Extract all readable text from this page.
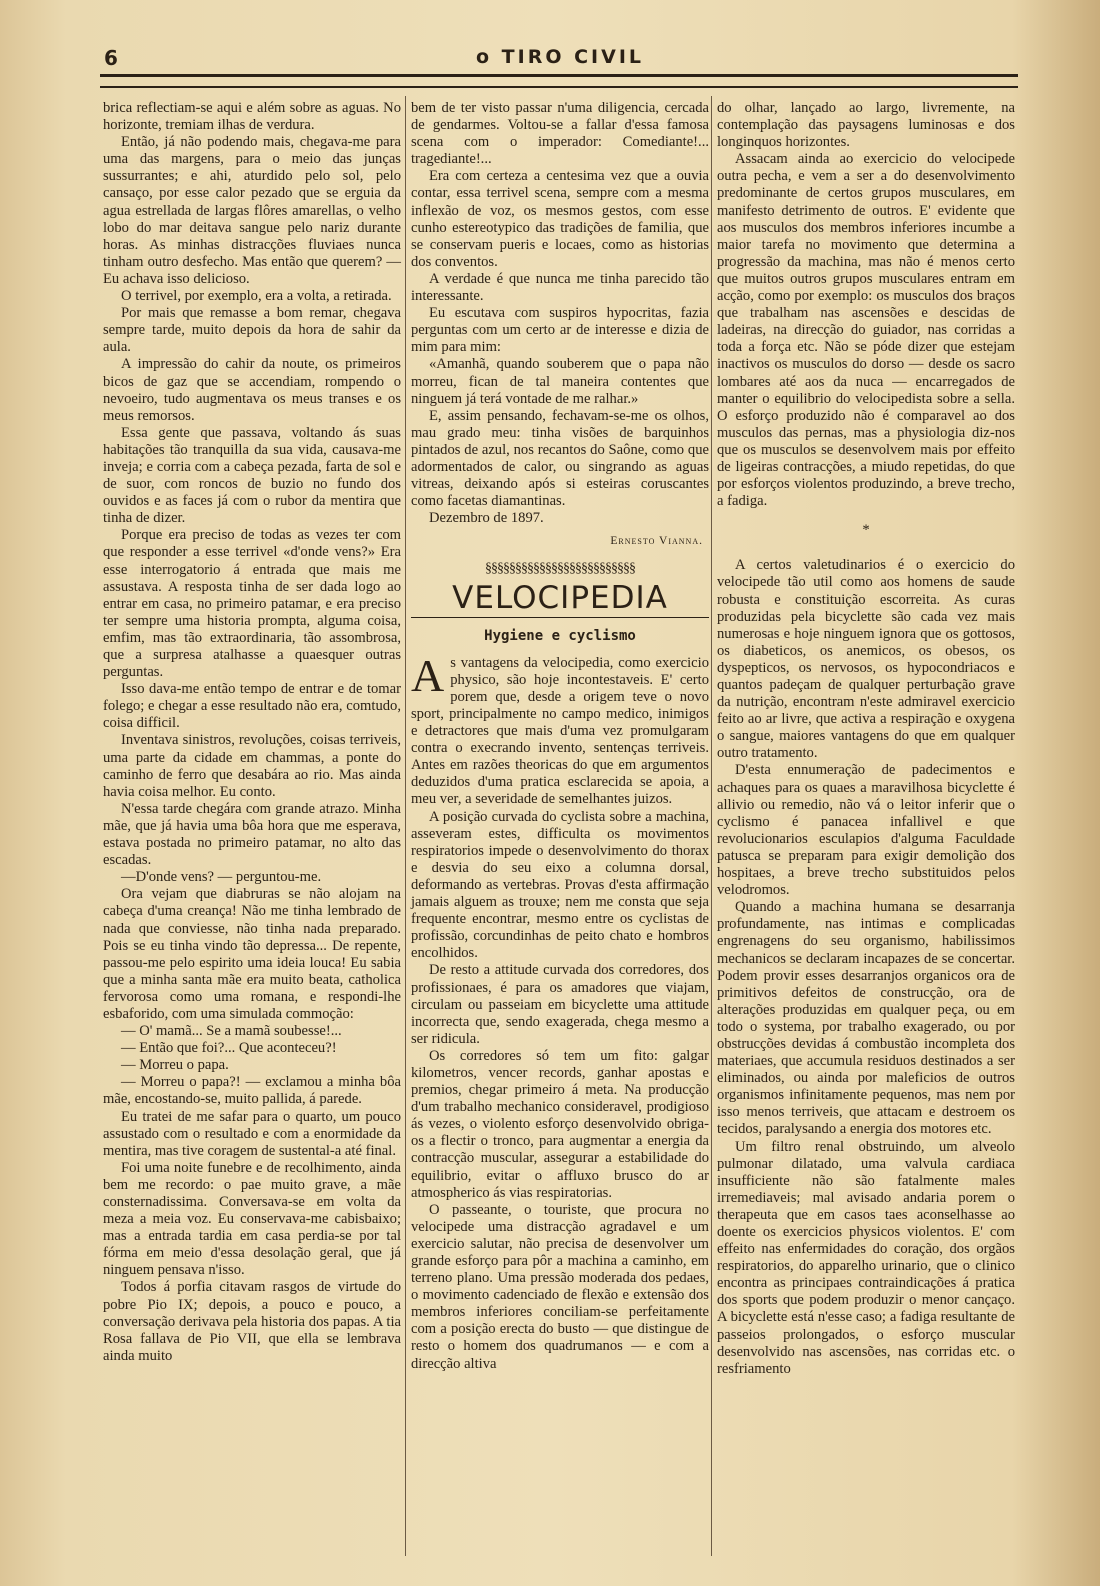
6	o TIRO CIVIL

brica reflectiam-se aqui e além sobre as aguas. No horizonte, tremiam ilhas de verdura.

Então, já não podendo mais, chegava-me para uma das margens, para o meio das junças sussurrantes; e ahi, aturdido pelo sol, pelo cansaço, por esse calor pezado que se erguia da agua estrellada de largas flôres amarellas, o velho lobo do mar deitava sangue pelo nariz durante horas. As minhas distracções fluviaes nunca tinham outro desfecho. Mas então que querem? — Eu achava isso delicioso.

O terrivel, por exemplo, era a volta, a retirada.

Por mais que remasse a bom remar, chegava sempre tarde, muito depois da hora de sahir da aula.

A impressão do cahir da noute, os primeiros bicos de gaz que se accendiam, rompendo o nevoeiro, tudo augmentava os meus transes e os meus remorsos.

Essa gente que passava, voltando ás suas habitações tão tranquilla da sua vida, causava-me inveja; e corria com a cabeça pezada, farta de sol e de suor, com roncos de buzio no fundo dos ouvidos e as faces já com o rubor da mentira que tinha de dizer.

Porque era preciso de todas as vezes ter com que responder a esse terrivel «d'onde vens?» Era esse interrogatorio á entrada que mais me assustava. A resposta tinha de ser dada logo ao entrar em casa, no primeiro patamar, e era preciso ter sempre uma historia prompta, alguma coisa, emfim, mas tão extraordinaria, tão assombrosa, que a surpresa atalhasse a quaesquer outras perguntas.

Isso dava-me então tempo de entrar e de tomar folego; e chegar a esse resultado não era, comtudo, coisa difficil.

Inventava sinistros, revoluções, coisas terriveis, uma parte da cidade em chammas, a ponte do caminho de ferro que desabára ao rio. Mas ainda havia coisa melhor. Eu conto.

N'essa tarde chegára com grande atrazo. Minha mãe, que já havia uma bôa hora que me esperava, estava postada no primeiro patamar, no alto das escadas.

—D'onde vens? — perguntou-me.

Ora vejam que diabruras se não alojam na cabeça d'uma creança! Não me tinha lembrado de nada que conviesse, não tinha nada preparado. Pois se eu tinha vindo tão depressa... De repente, passou-me pelo espirito uma ideia louca! Eu sabia que a minha santa mãe era muito beata, catholica fervorosa como uma romana, e respondi-lhe esbaforido, com uma simulada commoção:

— O' mamã... Se a mamã soubesse!...

— Então que foi?... Que aconteceu?!

— Morreu o papa.

— Morreu o papa?! — exclamou a minha bôa mãe, encostando-se, muito pallida, á parede.

Eu tratei de me safar para o quarto, um pouco assustado com o resultado e com a enormidade da mentira, mas tive coragem de sustental-a até final.

Foi uma noite funebre e de recolhimento, ainda bem me recordo: o pae muito grave, a mãe consternadissima. Conversava-se em volta da meza a meia voz. Eu conservava-me cabisbaixo; mas a entrada tardia em casa perdia-se por tal fórma em meio d'essa desolação geral, que já ninguem pensava n'isso.

Todos á porfia citavam rasgos de virtude do pobre Pio IX; depois, a pouco e pouco, a conversação derivava pela historia dos papas. A tia Rosa fallava de Pio VII, que ella se lembrava ainda muito

bem de ter visto passar n'uma diligencia, cercada de gendarmes. Voltou-se a fallar d'essa famosa scena com o imperador: Comediante!... tragediante!...

Era com certeza a centesima vez que a ouvia contar, essa terrivel scena, sempre com a mesma inflexão de voz, os mesmos gestos, com esse cunho estereotypico das tradições de familia, que se conservam pueris e locaes, como as historias dos conventos.

A verdade é que nunca me tinha parecido tão interessante.

Eu escutava com suspiros hypocritas, fazia perguntas com um certo ar de interesse e dizia de mim para mim:

«Amanhã, quando souberem que o papa não morreu, fican de tal maneira contentes que ninguem já terá vontade de me ralhar.»

E, assim pensando, fechavam-se-me os olhos, mau grado meu: tinha visões de barquinhos pintados de azul, nos recantos do Saône, como que adormentados de calor, ou singrando as aguas vitreas, deixando após si esteiras coruscantes como facetas diamantinas.

Dezembro de 1897.

Ernesto Vianna.
§§§§§§§§§§§§§§§§§§§§§§§§§
VELOCIPEDIA
Hygiene e cyclismo

As vantagens da velocipedia, como exercicio physico, são hoje incontestaveis. E' certo porem que, desde a origem teve o novo sport, principalmente no campo medico, inimigos e detractores que mais d'uma vez promulgaram contra o execrando invento, sentenças terriveis. Antes em razões theoricas do que em argumentos deduzidos d'uma pratica esclarecida se apoia, a meu ver, a severidade de semelhantes juizos.

A posição curvada do cyclista sobre a machina, asseveram estes, difficulta os movimentos respiratorios impede o desenvolvimento do thorax e desvia do seu eixo a columna dorsal, deformando as vertebras. Provas d'esta affirmação jamais alguem as trouxe; nem me consta que seja frequente encontrar, mesmo entre os cyclistas de profissão, corcundinhas de peito chato e hombros encolhidos.

De resto a attitude curvada dos corredores, dos profissionaes, é para os amadores que viajam, circulam ou passeiam em bicyclette uma attitude incorrecta que, sendo exagerada, chega mesmo a ser ridicula.

Os corredores só tem um fito: galgar kilometros, vencer records, ganhar apostas e premios, chegar primeiro á meta. Na producção d'um trabalho mechanico consideravel, prodigioso ás vezes, o violento esforço desenvolvido obriga-os a flectir o tronco, para augmentar a energia da contracção muscular, assegurar a estabilidade do equilibrio, evitar o affluxo brusco do ar atmospherico ás vias respiratorias.

O passeante, o touriste, que procura no velocipede uma distracção agradavel e um exercicio salutar, não precisa de desenvolver um grande esforço para pôr a machina a caminho, em terreno plano. Uma pressão moderada dos pedaes, o movimento cadenciado de flexão e extensão dos membros inferiores conciliam-se perfeitamente com a posição erecta do busto — que distingue de resto o homem dos quadrumanos — e com a direcção altiva

do olhar, lançado ao largo, livremente, na contemplação das paysagens luminosas e dos longinquos horizontes.

Assacam ainda ao exercicio do velocipede outra pecha, e vem a ser a do desenvolvimento predominante de certos grupos musculares, em manifesto detrimento de outros. E' evidente que aos musculos dos membros inferiores incumbe a maior tarefa no movimento que determina a progressão da machina, mas não é menos certo que muitos outros grupos musculares entram em acção, como por exemplo: os musculos dos braços que trabalham nas ascensões e descidas de ladeiras, na direcção do guiador, nas corridas a toda a força etc. Não se póde dizer que estejam inactivos os musculos do dorso — desde os sacro lombares até aos da nuca — encarregados de manter o equilibrio do velocipedista sobre a sella. O esforço produzido não é comparavel ao dos musculos das pernas, mas a physiologia diz-nos que os musculos se desenvolvem mais por effeito de ligeiras contracções, a miudo repetidas, do que por esforços violentos produzindo, a breve trecho, a fadiga.

*

A certos valetudinarios é o exercicio do velocipede tão util como aos homens de saude robusta e constituição escorreita. As curas produzidas pela bicyclette são cada vez mais numerosas e hoje ninguem ignora que os gottosos, os diabeticos, os anemicos, os obesos, os dyspepticos, os nervosos, os hypocondriacos e quantos padeçam de qualquer perturbação grave da nutrição, encontram n'este admiravel exercicio feito ao ar livre, que activa a respiração e oxygena o sangue, maiores vantagens do que em qualquer outro tratamento.

D'esta ennumeração de padecimentos e achaques para os quaes a maravilhosa bicyclette é allivio ou remedio, não vá o leitor inferir que o cyclismo é panacea infallivel e que revolucionarios esculapios d'alguma Faculdade patusca se preparam para exigir demolição dos hospitaes, a breve trecho substituidos pelos velodromos.

Quando a machina humana se desarranja profundamente, nas intimas e complicadas engrenagens do seu organismo, habilissimos mechanicos se declaram incapazes de se concertar. Podem provir esses desarranjos organicos ora de primitivos defeitos de construcção, ora de alterações produzidas em qualquer peça, ou em todo o systema, por trabalho exagerado, ou por obstrucções devidas á combustão incompleta dos materiaes, que accumula residuos destinados a ser eliminados, ou ainda por maleficios de outros organismos infinitamente pequenos, mas nem por isso menos terriveis, que attacam e destroem os tecidos, paralysando a energia dos motores etc.

Um filtro renal obstruindo, um alveolo pulmonar dilatado, uma valvula cardiaca insufficiente não são fatalmente males irremediaveis; mal avisado andaria porem o therapeuta que em casos taes aconselhasse ao doente os exercicios physicos violentos. E' com effeito nas enfermidades do coração, dos orgãos respiratorios, do apparelho urinario, que o clinico encontra as principaes contraindicações á pratica dos sports que podem produzir o menor cançaço. A bicyclette está n'esse caso; a fadiga resultante de passeios prolongados, o esforço muscular desenvolvido nas ascensões, nas corridas etc. o resfriamento
